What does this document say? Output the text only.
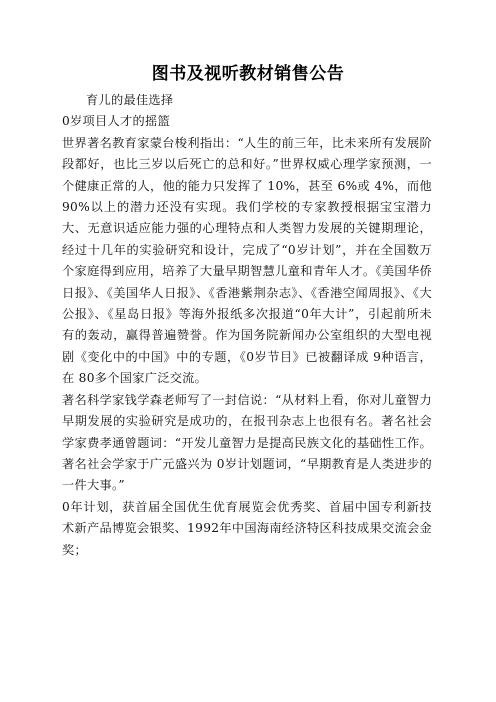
图书及视听教材销售公告

育儿的最佳选择

0岁项目人才的摇篮

世界著名教育家蒙台梭利指出：“人生的前三年，比未来所有发展阶段都好，也比三岁以后死亡的总和好。”世界权威心理学家预测，一个健康正常的人，他的能力只发挥了 10%，甚至 6%或 4%，而他 90%以上的潜力还没有实现。我们学校的专家教授根据宝宝潜力大、无意识适应能力强的心理特点和人类智力发展的关键期理论，经过十几年的实验研究和设计，完成了“0岁计划”，并在全国数万个家庭得到应用，培养了大量早期智慧儿童和青年人才。《美国华侨日报》、《美国华人日报》、《香港紫荆杂志》、《香港空闻周报》、《大公报》、《星岛日报》等海外报纸多次报道“0年大计”，引起前所未有的轰动，赢得普遍赞誉。作为国务院新闻办公室组织的大型电视剧《变化中的中国》中的专题，《0岁节目》已被翻译成 9种语言，在 80多个国家广泛交流。

著名科学家钱学森老师写了一封信说：“从材料上看，你对儿童智力早期发展的实验研究是成功的，在报刊杂志上也很有名。著名社会学家费孝通曾题词：“开发儿童智力是提高民族文化的基础性工作。著名社会学家于广元盛兴为 0岁计划题词，“早期教育是人类进步的一件大事。”

0年计划，获首届全国优生优育展览会优秀奖、首届中国专利新技术新产品博览会银奖、1992年中国海南经济特区科技成果交流会金奖；
